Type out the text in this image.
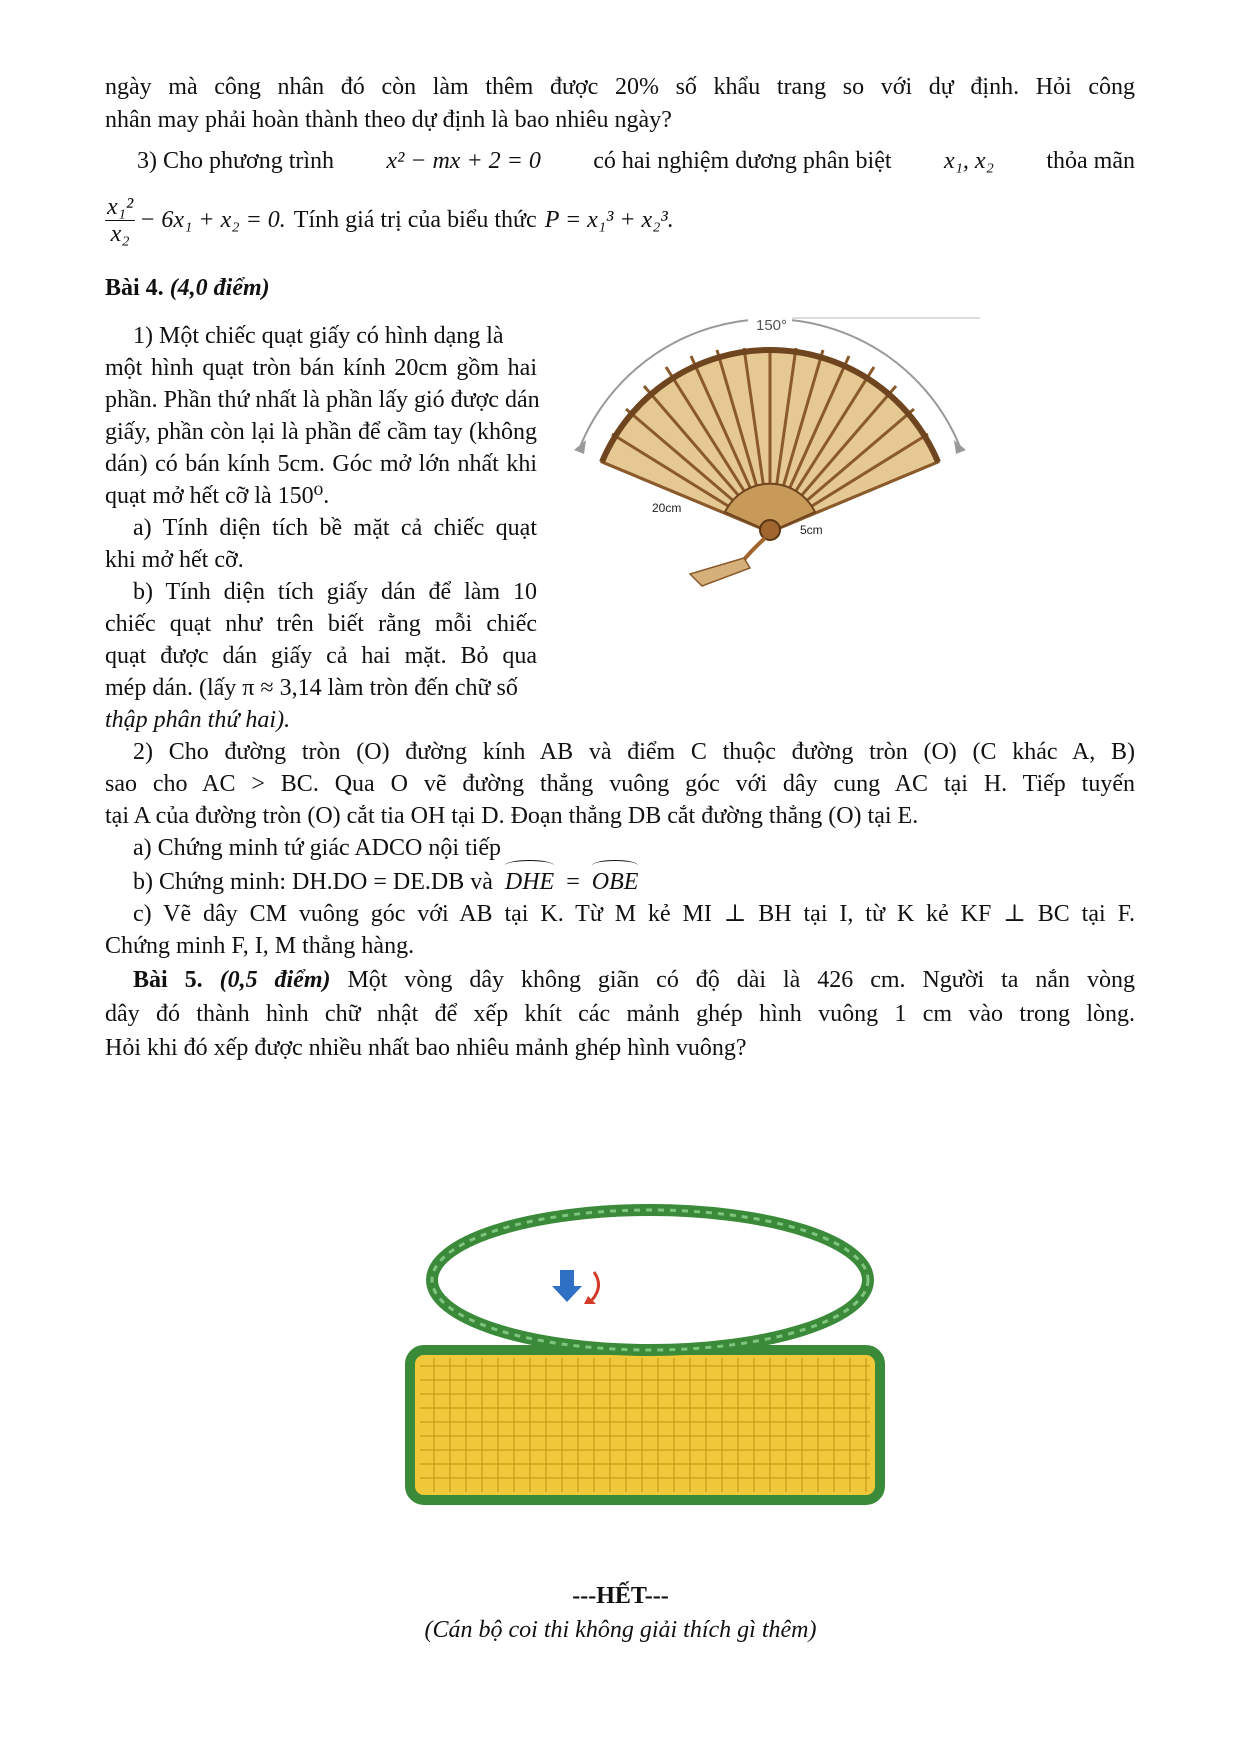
ngày mà công nhân đó còn làm thêm được 20% số khẩu trang so với dự định. Hỏi công
nhân may phải hoàn thành theo dự định là bao nhiêu ngày?
3) Cho phương trình x² − mx + 2 = 0 có hai nghiệm dương phân biệt x₁, x₂ thỏa mãn
$\frac{\text{x₁²}}{\text{x₂}} - 6x_1 + x_2 = 0$. Tính giá trị của biểu thức P = x₁³ + x₂³.
Bài 4. (4,0 điểm)
1) Một chiếc quạt giấy có hình dạng là
một hình quạt tròn bán kính 20cm gồm hai
phần. Phần thứ nhất là phần lấy gió được dán
giấy, phần còn lại là phần để cầm tay (không
dán) có bán kính 5cm. Góc mở lớn nhất khi
quạt mở hết cỡ là 150⁰.
a) Tính diện tích bề mặt cả chiếc quạt
khi mở hết cỡ.
b) Tính diện tích giấy dán để làm 10
chiếc quạt như trên biết rằng mỗi chiếc
quạt được dán giấy cả hai mặt. Bỏ qua
mép dán. (lấy π ≈ 3,14 làm tròn đến chữ số
thập phân thứ hai).
150°
20cm
5cm
2) Cho đường tròn (O) đường kính AB và điểm C thuộc đường tròn (O) (C khác A, B)
sao cho AC > BC. Qua O vẽ đường thẳng vuông góc với dây cung AC tại H. Tiếp tuyến
tại A của đường tròn (O) cắt tia OH tại D. Đoạn thẳng DB cắt đường thẳng (O) tại E.
a) Chứng minh tứ giác ADCO nội tiếp
b) Chứng minh: DH.DO = DE.DB và DHE = OBE
c) Vẽ dây CM vuông góc với AB tại K. Từ M kẻ MI ⊥ BH tại I, từ K kẻ KF ⊥ BC tại F.
Chứng minh F, I, M thẳng hàng.
Bài 5. (0,5 điểm) Một vòng dây không giãn có độ dài là 426 cm. Người ta nắn vòng
dây đó thành hình chữ nhật để xếp khít các mảnh ghép hình vuông 1 cm vào trong lòng.
Hỏi khi đó xếp được nhiều nhất bao nhiêu mảnh ghép hình vuông?
---HẾT---
(Cán bộ coi thi không giải thích gì thêm)
